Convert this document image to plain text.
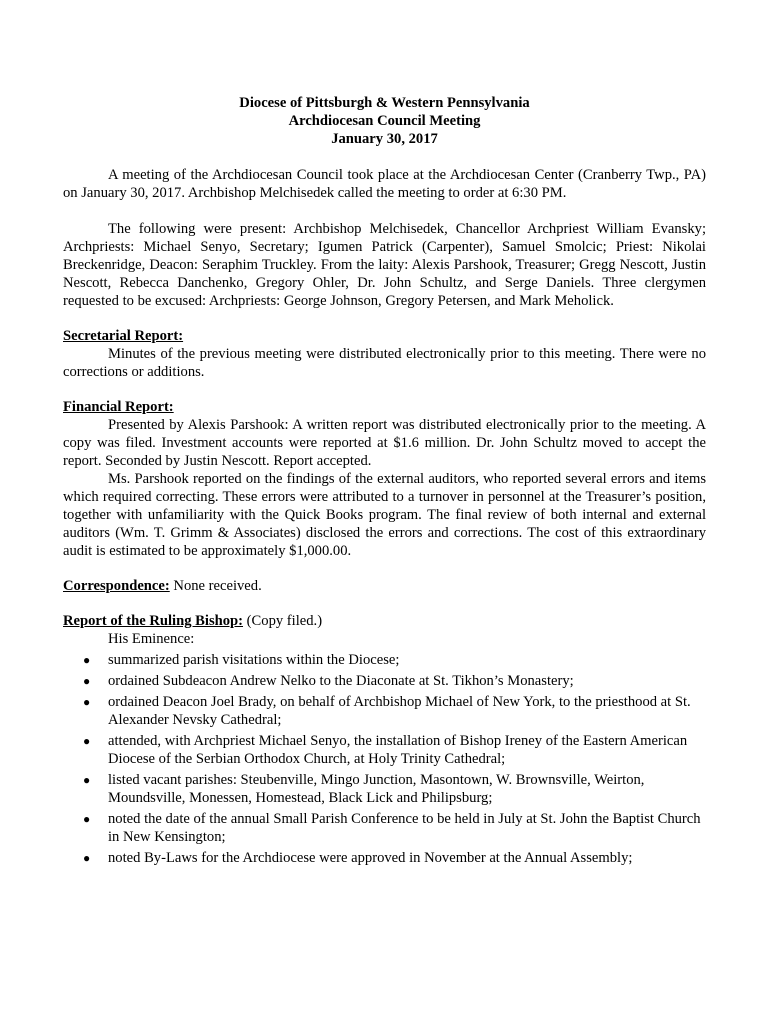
Diocese of Pittsburgh & Western Pennsylvania
Archdiocesan Council Meeting
January 30, 2017

A meeting of the Archdiocesan Council took place at the Archdiocesan Center (Cranberry Twp., PA) on January 30, 2017. Archbishop Melchisedek called the meeting to order at 6:30 PM.

The following were present: Archbishop Melchisedek, Chancellor Archpriest William Evansky; Archpriests: Michael Senyo, Secretary; Igumen Patrick (Carpenter), Samuel Smolcic; Priest: Nikolai Breckenridge, Deacon: Seraphim Truckley. From the laity: Alexis Parshook, Treasurer; Gregg Nescott, Justin Nescott, Rebecca Danchenko, Gregory Ohler, Dr. John Schultz, and Serge Daniels. Three clergymen requested to be excused: Archpriests: George Johnson, Gregory Petersen, and Mark Meholick.

Secretarial Report:

Minutes of the previous meeting were distributed electronically prior to this meeting. There were no corrections or additions.

Financial Report:

Presented by Alexis Parshook: A written report was distributed electronically prior to the meeting. A copy was filed. Investment accounts were reported at $1.6 million. Dr. John Schultz moved to accept the report. Seconded by Justin Nescott. Report accepted.

Ms. Parshook reported on the findings of the external auditors, who reported several errors and items which required correcting. These errors were attributed to a turnover in personnel at the Treasurer’s position, together with unfamiliarity with the Quick Books program. The final review of both internal and external auditors (Wm. T. Grimm & Associates) disclosed the errors and corrections. The cost of this extraordinary audit is estimated to be approximately $1,000.00.

Correspondence: None received.
Report of the Ruling Bishop: (Copy filed.)
His Eminence:
● summarized parish visitations within the Diocese;
● ordained Subdeacon Andrew Nelko to the Diaconate at St. Tikhon’s Monastery;
● ordained Deacon Joel Brady, on behalf of Archbishop Michael of New York, to the priesthood at St. Alexander Nevsky Cathedral;
● attended, with Archpriest Michael Senyo, the installation of Bishop Ireney of the Eastern American Diocese of the Serbian Orthodox Church, at Holy Trinity Cathedral;
● listed vacant parishes: Steubenville, Mingo Junction, Masontown, W. Brownsville, Weirton, Moundsville, Monessen, Homestead, Black Lick and Philipsburg;
● noted the date of the annual Small Parish Conference to be held in July at St. John the Baptist Church in New Kensington;
● noted By-Laws for the Archdiocese were approved in November at the Annual Assembly;
